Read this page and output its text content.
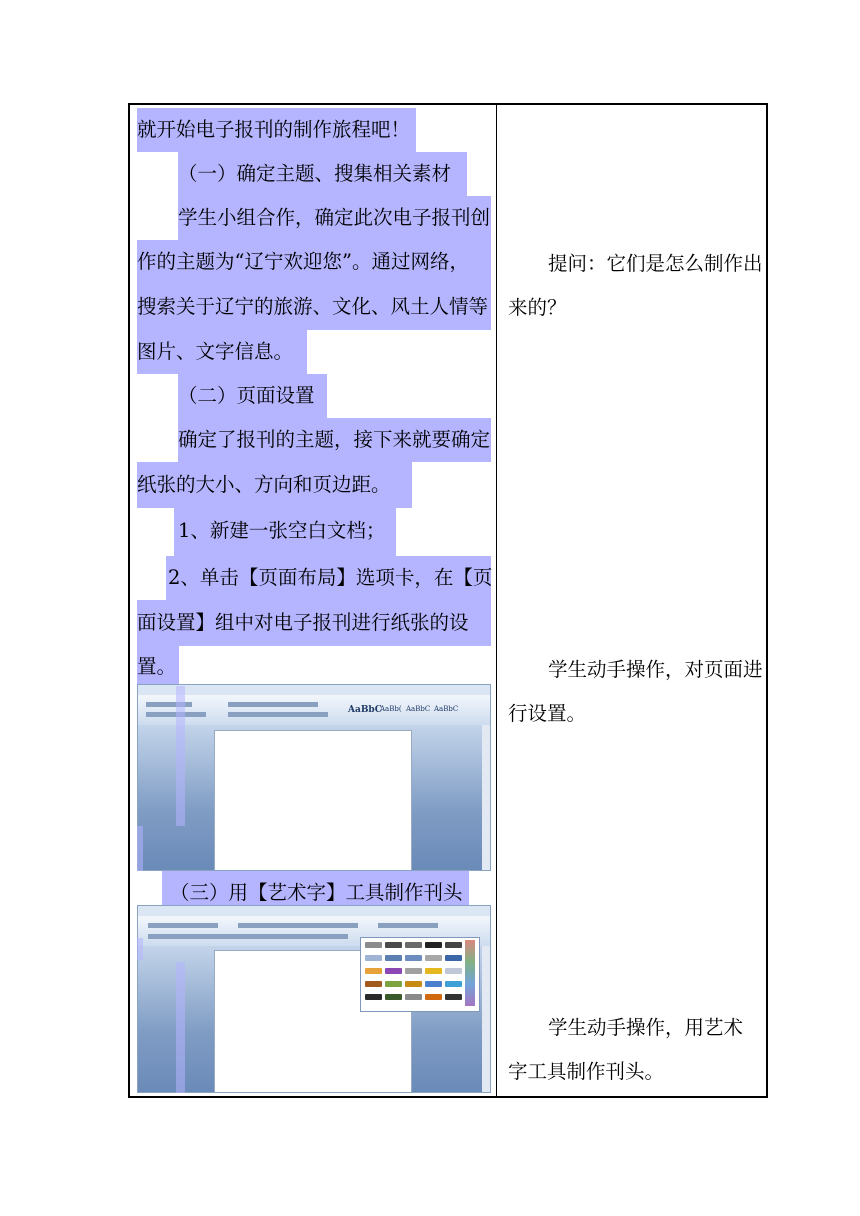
就开始电子报刊的制作旅程吧！
（一）确定主题、搜集相关素材
学生小组合作，确定此次电子报刊创
作的主题为“辽宁欢迎您”。通过网络，
搜索关于辽宁的旅游、文化、风土人情等
图片、文字信息。
（二）页面设置
确定了报刊的主题，接下来就要确定
纸张的大小、方向和页边距。
1、新建一张空白文档；
2、单击【页面布局】选项卡，在【页
面设置】组中对电子报刊进行纸张的设
置。
AaBbC
AaBb( AaBbC AaBbC
（三）用【艺术字】工具制作刊头
提问：它们是怎么制作出
来的？
学生动手操作，对页面进
行设置。
学生动手操作，用艺术
字工具制作刊头。
